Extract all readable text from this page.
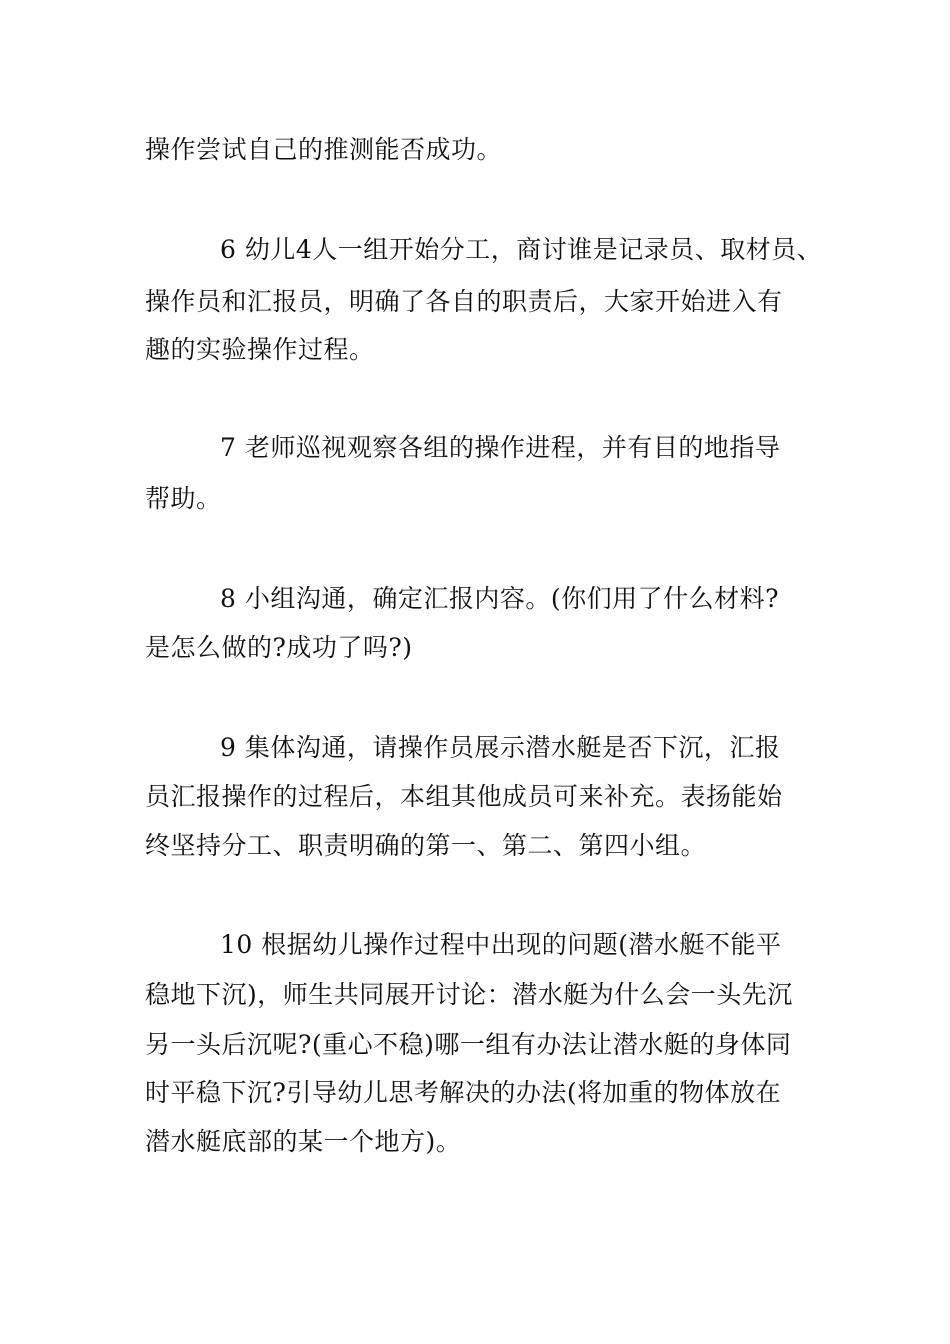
操作尝试自己的推测能否成功。
6 幼儿4人一组开始分工，商讨谁是记录员、取材员、
操作员和汇报员，明确了各自的职责后，大家开始进入有
趣的实验操作过程。
7 老师巡视观察各组的操作进程，并有目的地指导
帮助。
8 小组沟通，确定汇报内容。(你们用了什么材料?
是怎么做的?成功了吗?)
9 集体沟通，请操作员展示潜水艇是否下沉，汇报
员汇报操作的过程后，本组其他成员可来补充。表扬能始
终坚持分工、职责明确的第一、第二、第四小组。
10 根据幼儿操作过程中出现的问题(潜水艇不能平
稳地下沉)，师生共同展开讨论：潜水艇为什么会一头先沉
另一头后沉呢?(重心不稳)哪一组有办法让潜水艇的身体同
时平稳下沉?引导幼儿思考解决的办法(将加重的物体放在
潜水艇底部的某一个地方)。
